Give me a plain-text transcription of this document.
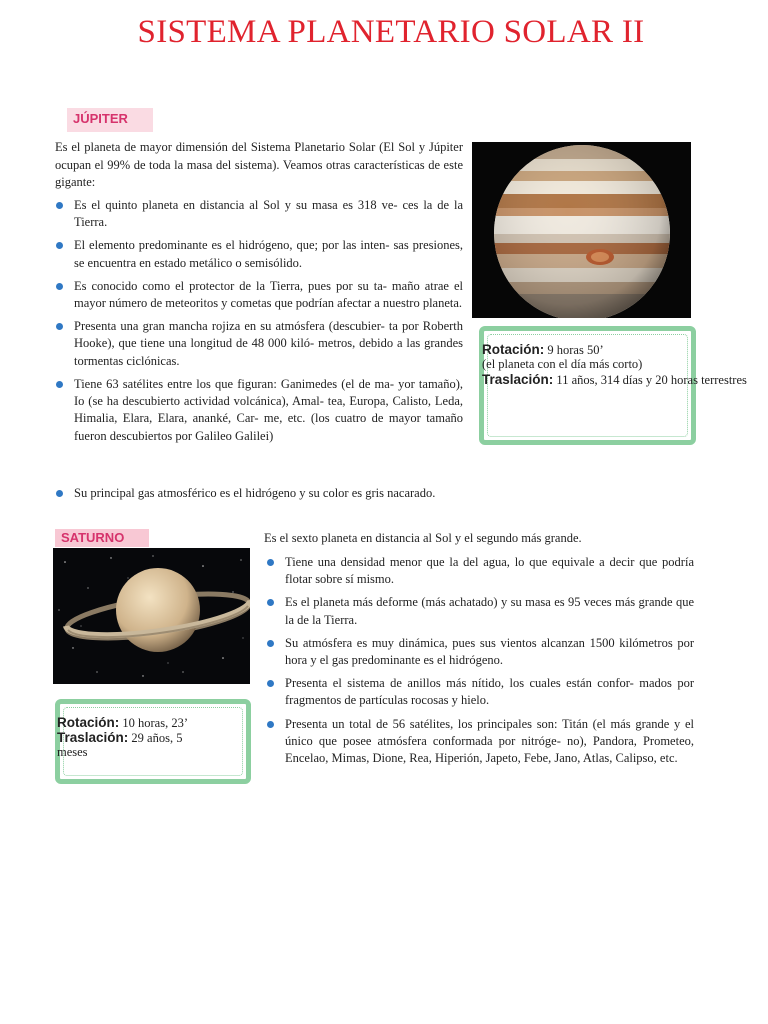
SISTEMA PLANETARIO SOLAR II
JÚPITER
Es el planeta de mayor dimensión del Sistema Planetario Solar (El Sol y Júpiter ocupan el 99% de toda la masa del sistema). Veamos otras características de este gigante:
Es el quinto planeta en distancia al Sol y su masa es 318 ve- ces la de la Tierra.
El elemento predominante es el hidrógeno, que; por las inten- sas presiones, se encuentra en estado metálico o semisólido.
Es conocido como el protector de la Tierra, pues por su ta- maño atrae el mayor número de meteoritos y cometas que podrían afectar a nuestro planeta.
Presenta una gran mancha rojiza en su atmósfera (descubier- ta por Roberth Hooke), que tiene una longitud de 48 000 kiló- metros, debido a las grandes tormentas ciclónicas.
Tiene 63 satélites entre los que figuran: Ganimedes (el de ma- yor tamaño), Io (se ha descubierto actividad volcánica), Amal- tea, Europa, Calisto, Leda, Himalia, Elara, Elara, ananké, Car- me, etc. (los cuatro de mayor tamaño fueron descubiertos por Galileo Galilei)
Su principal gas atmosférico es el hidrógeno y su color es gris nacarado.
Rotación: 9 horas 50’
(el planeta con el día más corto)
Traslación: 11 años, 314 días y 20 horas terrestres
SATURNO
Rotación: 10 horas, 23’
Traslación: 29 años, 5
meses
Es el sexto planeta en distancia al Sol y el segundo más grande.
Tiene una densidad menor que la del agua, lo que equivale a decir que podría flotar sobre sí mismo.
Es el planeta más deforme (más achatado) y su masa es 95 veces más grande que la de la Tierra.
Su atmósfera es muy dinámica, pues sus vientos alcanzan 1500 kilómetros por hora y el gas predominante es el hidrógeno.
Presenta el sistema de anillos más nítido, los cuales están confor- mados por fragmentos de partículas rocosas y hielo.
Presenta un total de 56 satélites, los principales son: Titán (el más grande y el único que posee atmósfera conformada por nitróge- no), Pandora, Prometeo, Encelao, Mimas, Dione, Rea, Hiperión, Japeto, Febe, Jano, Atlas, Calipso, etc.
